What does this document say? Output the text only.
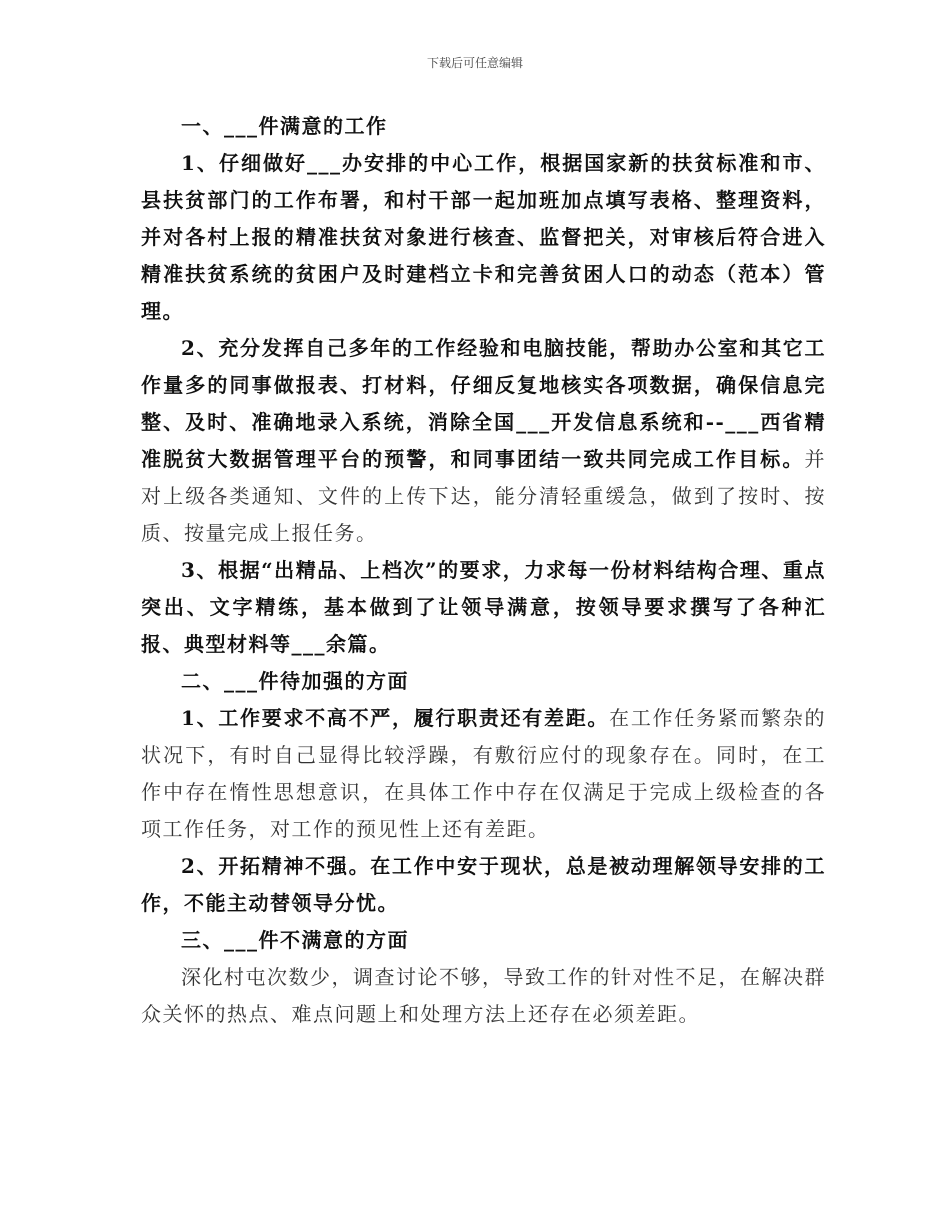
下载后可任意编辑

一、___件满意的工作

1、仔细做好___办安排的中心工作，根据国家新的扶贫标准和市、县扶贫部门的工作布署，和村干部一起加班加点填写表格、整理资料，并对各村上报的精准扶贫对象进行核查、监督把关，对审核后符合进入精准扶贫系统的贫困户及时建档立卡和完善贫困人口的动态（范本）管理。

2、充分发挥自己多年的工作经验和电脑技能，帮助办公室和其它工作量多的同事做报表、打材料，仔细反复地核实各项数据，确保信息完整、及时、准确地录入系统，消除全国___开发信息系统和--___西省精准脱贫大数据管理平台的预警，和同事团结一致共同完成工作目标。并对上级各类通知、文件的上传下达，能分清轻重缓急，做到了按时、按质、按量完成上报任务。

3、根据“出精品、上档次”的要求，力求每一份材料结构合理、重点突出、文字精练，基本做到了让领导满意，按领导要求撰写了各种汇报、典型材料等___余篇。

二、___件待加强的方面

1、工作要求不高不严，履行职责还有差距。在工作任务紧而繁杂的状况下，有时自己显得比较浮躁，有敷衍应付的现象存在。同时，在工作中存在惰性思想意识，在具体工作中存在仅满足于完成上级检查的各项工作任务，对工作的预见性上还有差距。

2、开拓精神不强。在工作中安于现状，总是被动理解领导安排的工作，不能主动替领导分忧。

三、___件不满意的方面

深化村屯次数少，调查讨论不够，导致工作的针对性不足，在解决群众关怀的热点、难点问题上和处理方法上还存在必须差距。
